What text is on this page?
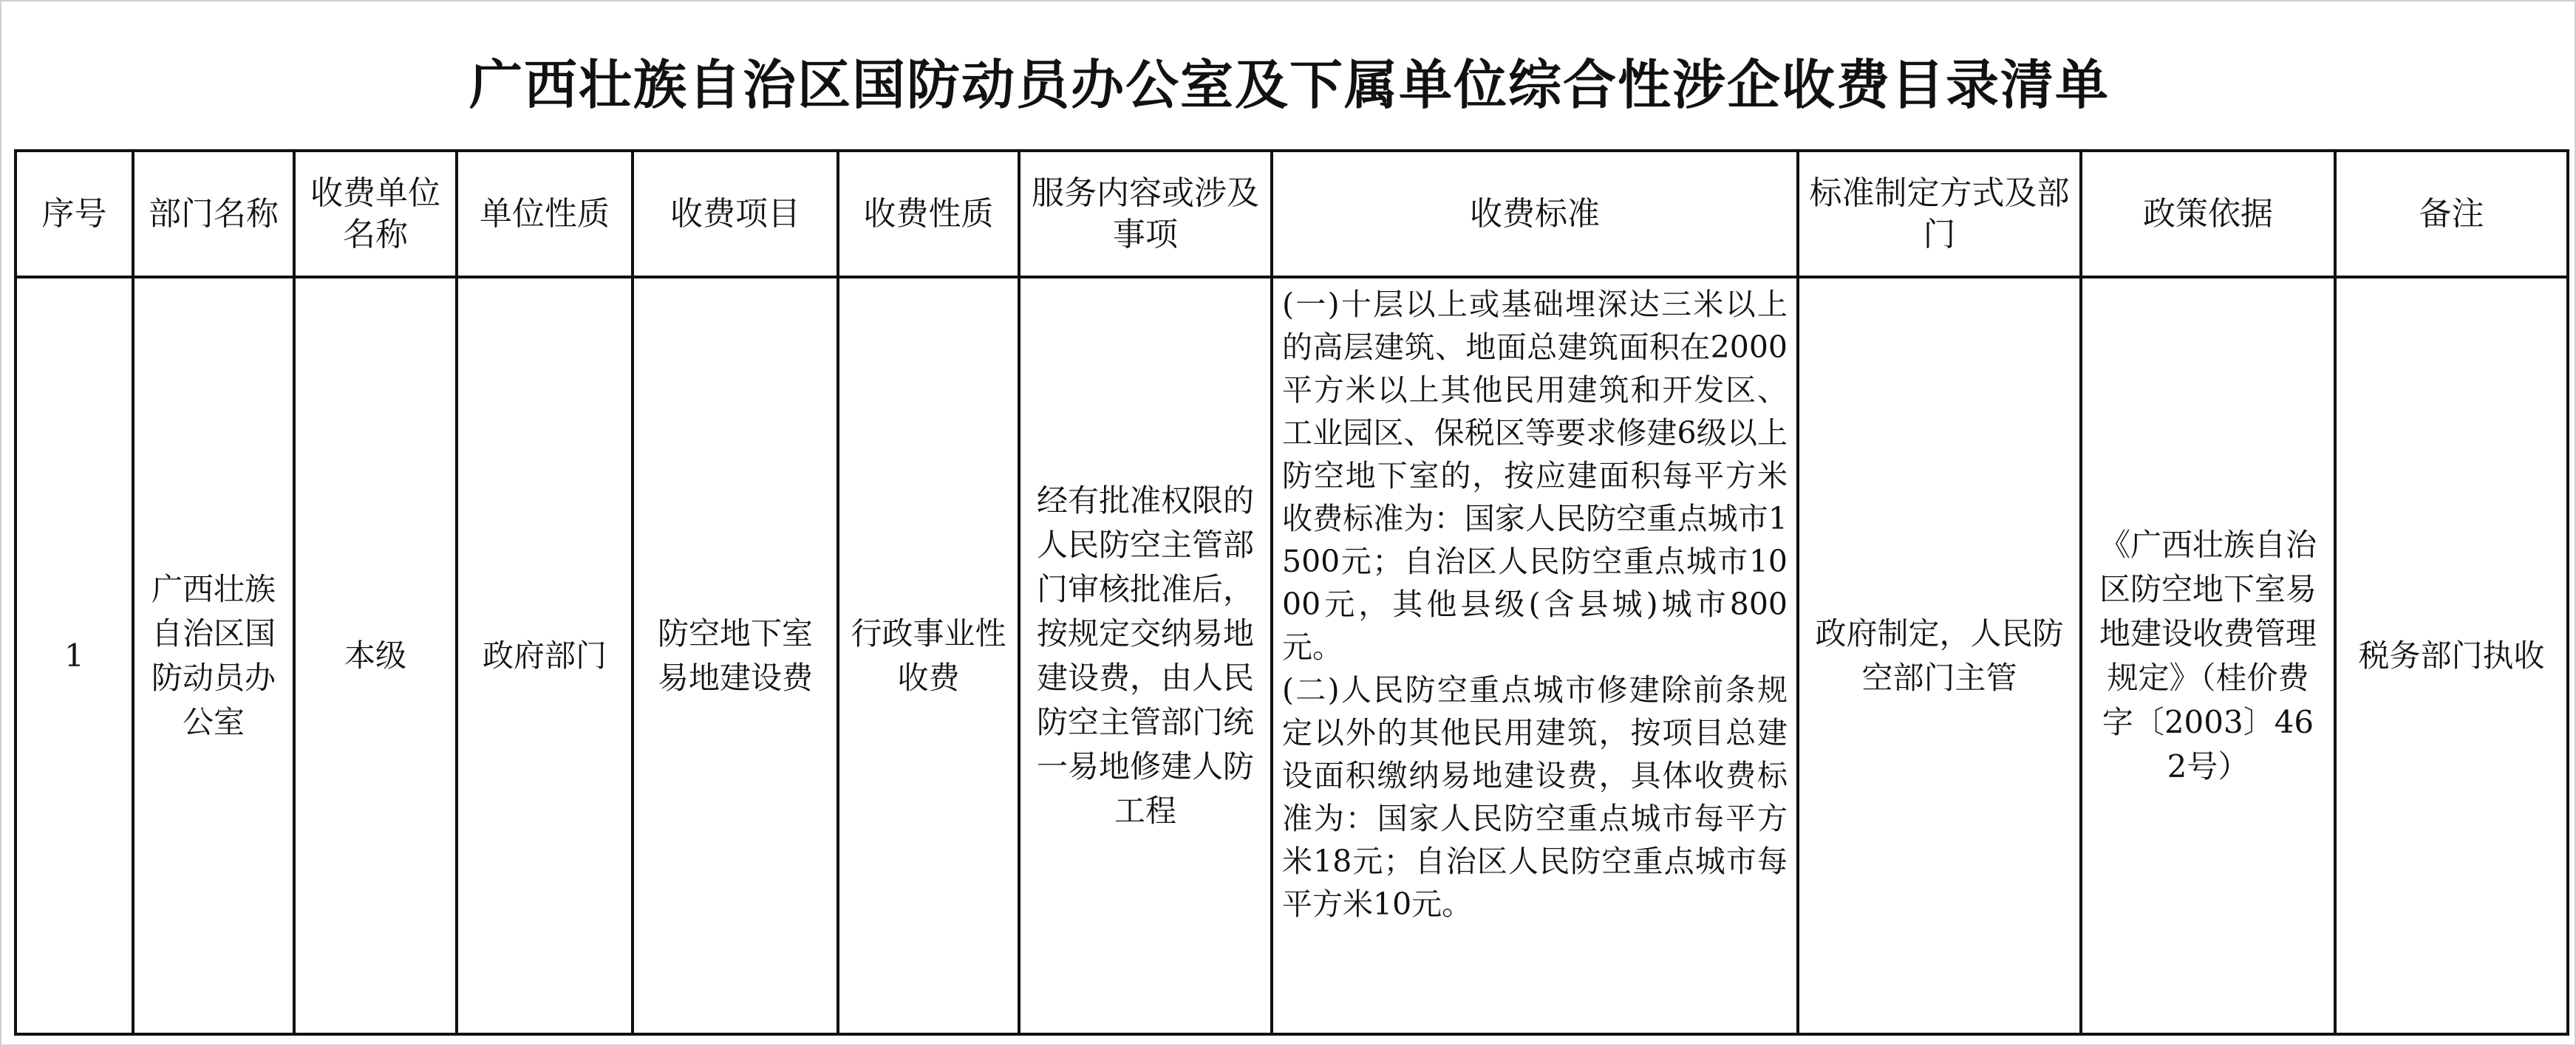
广西壮族自治区国防动员办公室及下属单位综合性涉企收费目录清单
序号	部门名称	收费单位名称	单位性质	收费项目	收费性质	服务内容或涉及事项	收费标准	标准制定方式及部门	政策依据	备注
1	广西壮族自治区国防动员办公室	本级	政府部门	防空地下室易地建设费	行政事业性收费	经有批准权限的人民防空主管部门审核批准后，按规定交纳易地建设费，由人民防空主管部门统一易地修建人防工程	(一)十层以上或基础埋深达三米以上的高层建筑、地面总建筑面积在2000平方米以上其他民用建筑和开发区、工业园区、保税区等要求修建6级以上防空地下室的，按应建面积每平方米收费标准为：国家人民防空重点城市1500元；自治区人民防空重点城市1000元，其他县级(含县城)城市800元。

(二)人民防空重点城市修建除前条规定以外的其他民用建筑，按项目总建设面积缴纳易地建设费，具体收费标准为：国家人民防空重点城市每平方米18元；自治区人民防空重点城市每平方米10元。	政府制定，人民防空部门主管	《广西壮族自治区防空地下室易地建设收费管理规定》（桂价费字〔2003〕462号）	税务部门执收
